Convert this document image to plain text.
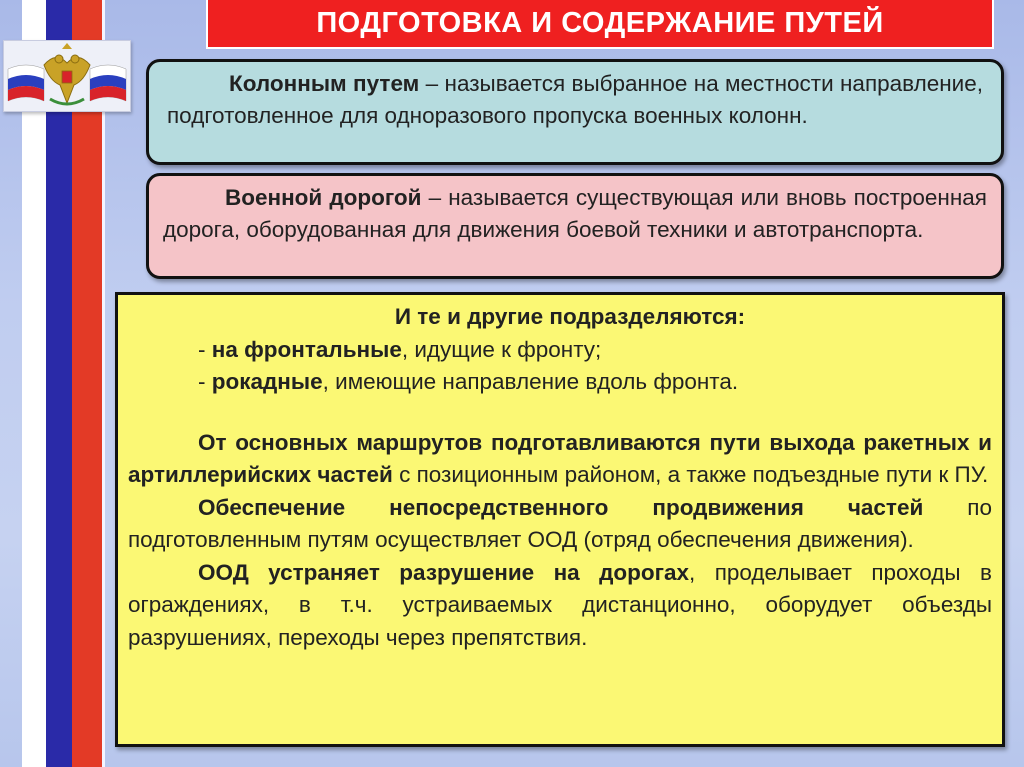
ПОДГОТОВКА И СОДЕРЖАНИЕ ПУТЕЙ
Колонным путем – называется выбранное на местности направление, подготовленное для одноразового пропуска военных колонн.
Военной дорогой – называется существующая или вновь построенная дорога, оборудованная для движения боевой техники и автотранспорта.
И те и другие подразделяются:
- на фронтальные, идущие к фронту;
- рокадные, имеющие направление вдоль фронта.
От основных маршрутов подготавливаются пути выхода ракетных и артиллерийских частей с позиционным районом, а также подъездные пути к ПУ.
Обеспечение непосредственного продвижения частей по подготовленным путям осуществляет ООД (отряд обеспечения движения).
ООД устраняет разрушение на дорогах, проделывает проходы в ограждениях, в т.ч. устраиваемых дистанционно, оборудует объезды разрушениях, переходы через препятствия.
